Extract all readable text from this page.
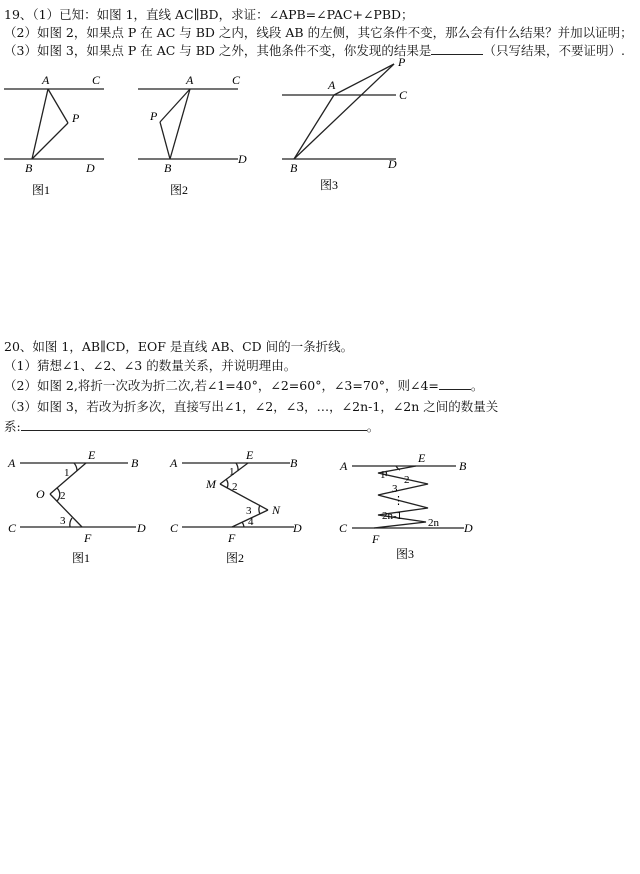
19、（1）已知：如图 1，直线 AC∥BD，求证：∠APB=∠PAC+∠PBD；
（2）如图 2，如果点 P 在 AC 与 BD 之内，线段 AB 的左侧，其它条件不变，那么会有什么结果？并加以证明；
（3）如图 3，如果点 P 在 AC 与 BD 之外，其他条件不变，你发现的结果是	（只写结果，不要证明）.
A	C
P
B	D
图1
A	C
P
B
D
图2
A
C
P
B	D
图3
20、如图 1，AB∥CD，EOF 是直线 AB、CD 间的一条折线。
（1）猜想∠1、∠2、∠3 的数量关系，并说明理由。
（2）如图 2,将折一次改为折二次,若∠1=40°，∠2=60°，∠3=70°，则∠4=	。
（3）如图 3，若改为折多次，直接写出∠1，∠2，∠3，…，∠2n-1，∠2n 之间的数量关
系:	。
A
E
B
O
C
F
D
1
2
3
图1
A
E
B
M
N
C
F
D
1
2
3
4
图2
A
E
B
C
F
D
1 2
3
⋮
2n-1
2n
图3
